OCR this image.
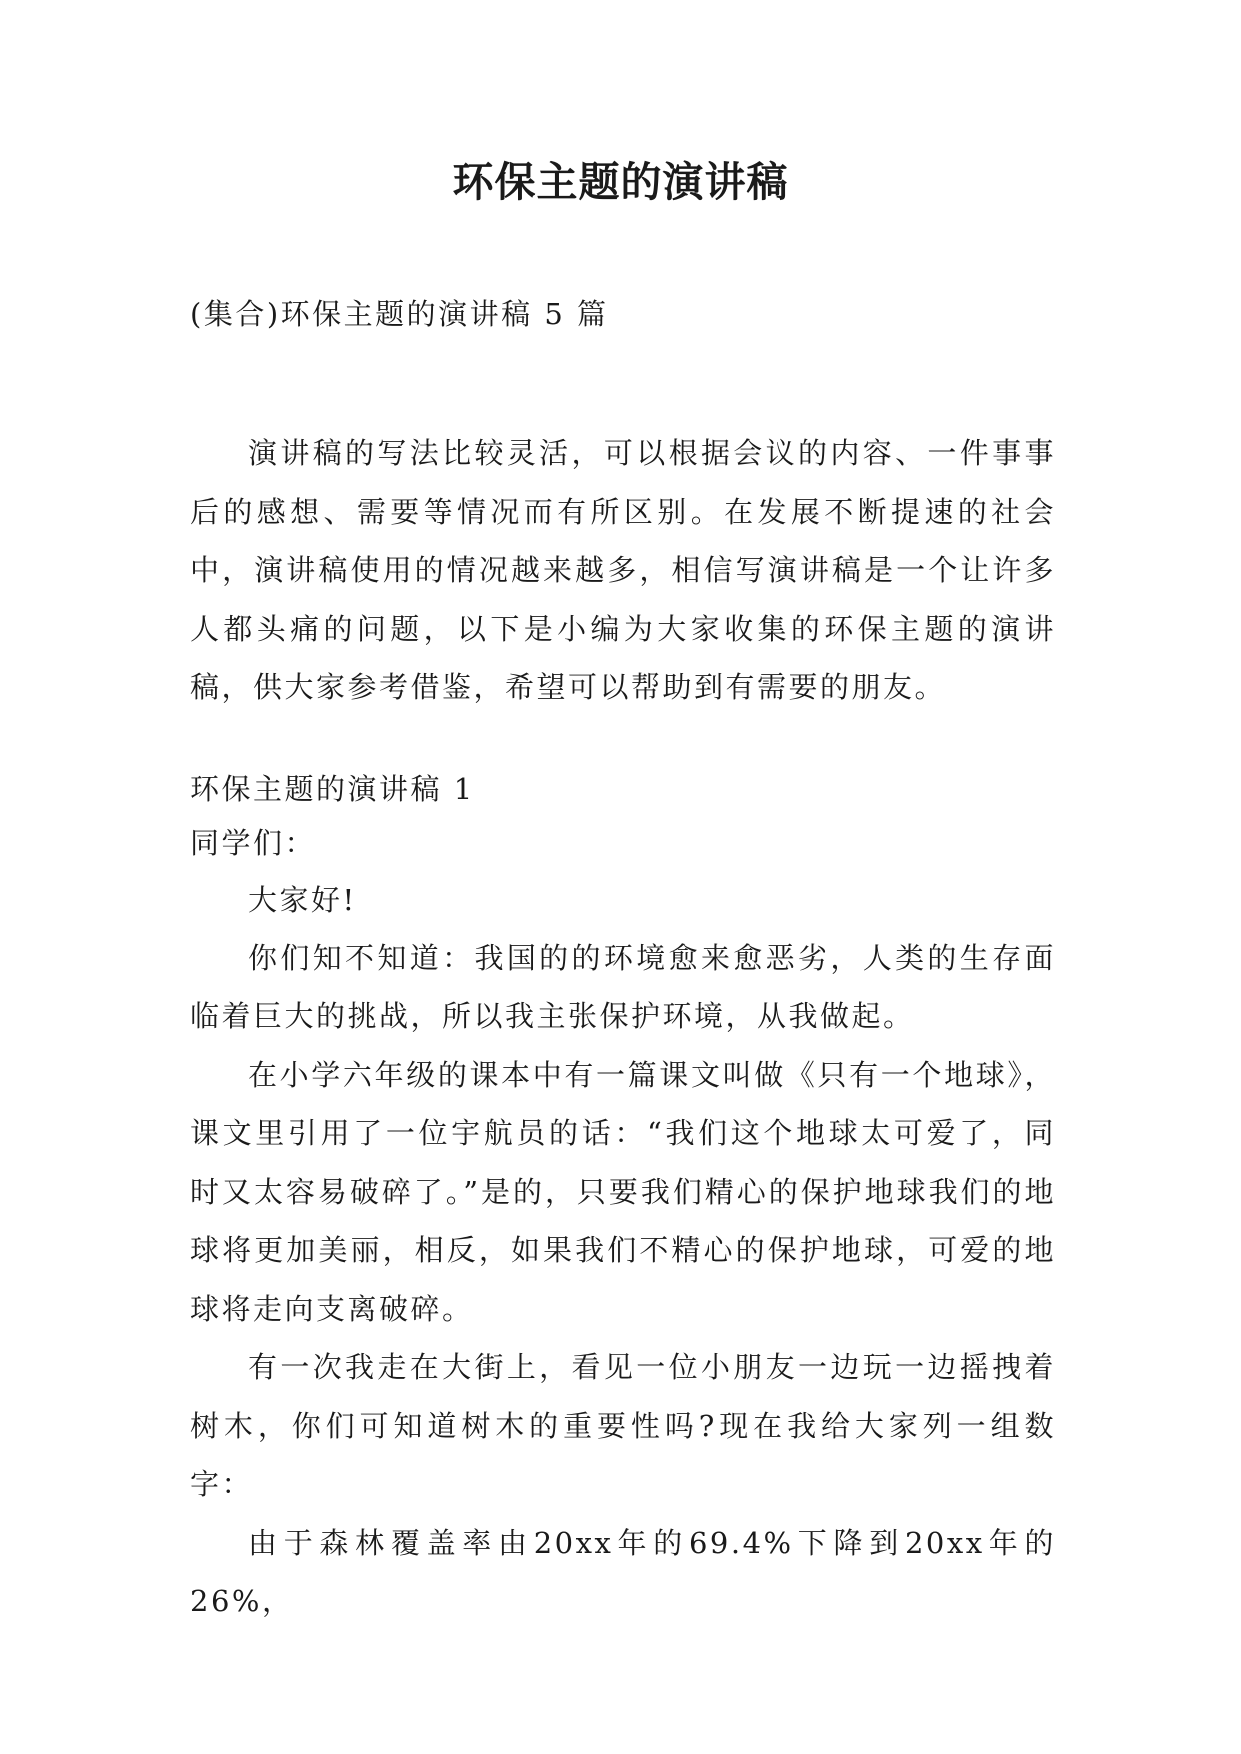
环保主题的演讲稿

(集合)环保主题的演讲稿 5 篇

演讲稿的写法比较灵活，可以根据会议的内容、一件事事后的感想、需要等情况而有所区别。在发展不断提速的社会中，演讲稿使用的情况越来越多，相信写演讲稿是一个让许多人都头痛的问题，以下是小编为大家收集的环保主题的演讲稿，供大家参考借鉴，希望可以帮助到有需要的朋友。

环保主题的演讲稿 1

同学们：

大家好!

你们知不知道：我国的的环境愈来愈恶劣，人类的生存面临着巨大的挑战，所以我主张保护环境，从我做起。

在小学六年级的课本中有一篇课文叫做《只有一个地球》，课文里引用了一位宇航员的话：“我们这个地球太可爱了，同时又太容易破碎了。”是的，只要我们精心的保护地球我们的地球将更加美丽，相反，如果我们不精心的保护地球，可爱的地球将走向支离破碎。

有一次我走在大街上，看见一位小朋友一边玩一边摇拽着树木，你们可知道树木的重要性吗?现在我给大家列一组数字：

由于森林覆盖率由20xx年的69.4%下降到20xx年的26%，
